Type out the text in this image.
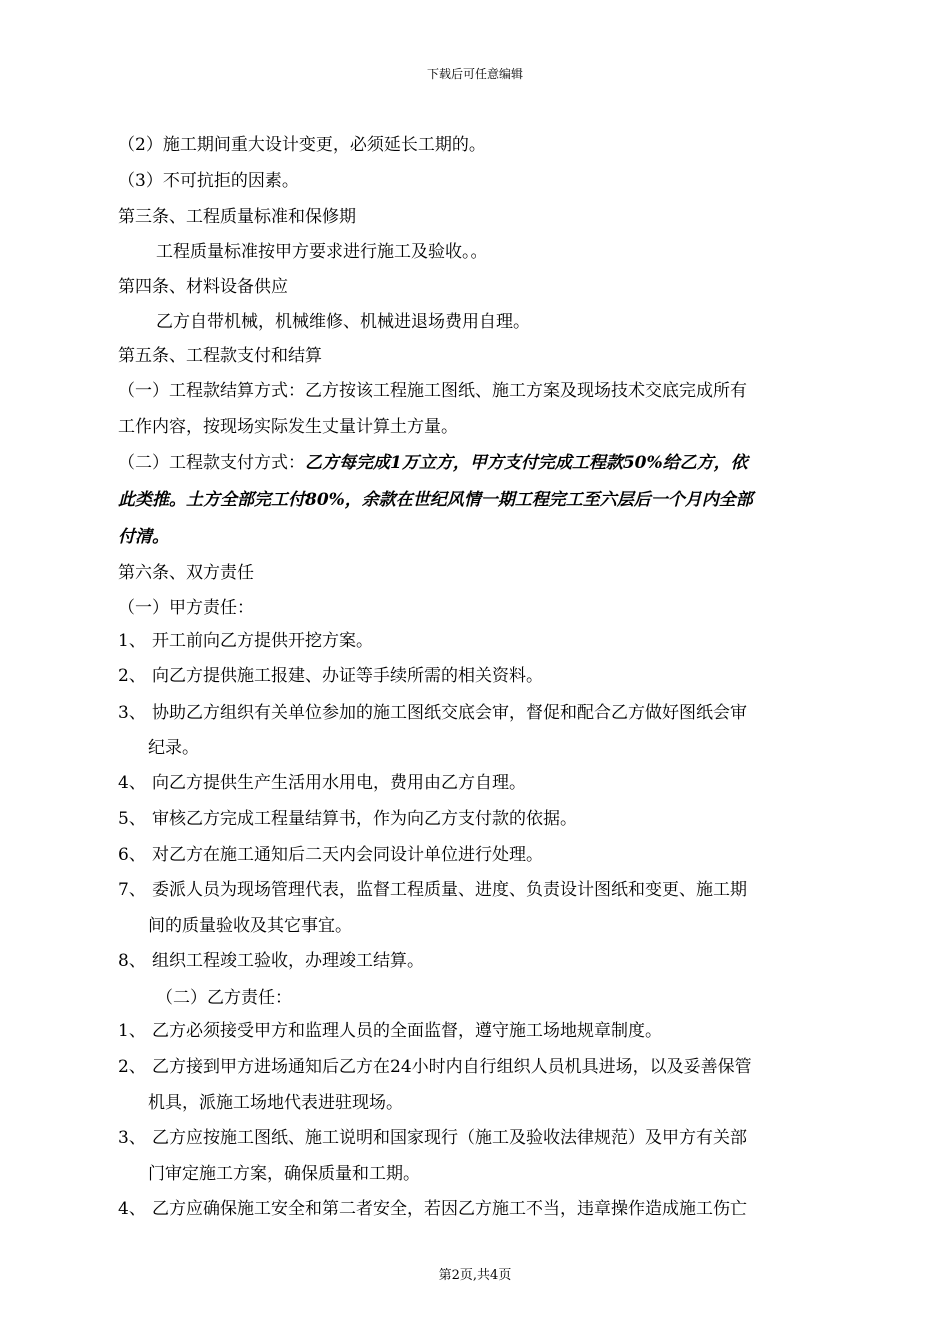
下载后可任意编辑
（2）施工期间重大设计变更，必须延长工期的。
（3）不可抗拒的因素。
第三条、工程质量标准和保修期
工程质量标准按甲方要求进行施工及验收。。
第四条、材料设备供应
乙方自带机械，机械维修、机械进退场费用自理。
第五条、工程款支付和结算
（一）工程款结算方式：乙方按该工程施工图纸、施工方案及现场技术交底完成所有
工作内容，按现场实际发生丈量计算土方量。
（二）工程款支付方式：乙方每完成1万立方，甲方支付完成工程款50%给乙方，依
此类推。土方全部完工付80%，余款在世纪风情一期工程完工至六层后一个月内全部
付清。
第六条、双方责任
（一）甲方责任：
1、 开工前向乙方提供开挖方案。
2、 向乙方提供施工报建、办证等手续所需的相关资料。
3、 协助乙方组织有关单位参加的施工图纸交底会审，督促和配合乙方做好图纸会审
纪录。
4、 向乙方提供生产生活用水用电，费用由乙方自理。
5、 审核乙方完成工程量结算书，作为向乙方支付款的依据。
6、 对乙方在施工通知后二天内会同设计单位进行处理。
7、 委派人员为现场管理代表，监督工程质量、进度、负责设计图纸和变更、施工期
间的质量验收及其它事宜。
8、 组织工程竣工验收，办理竣工结算。
（二）乙方责任：
1、 乙方必须接受甲方和监理人员的全面监督，遵守施工场地规章制度。
2、 乙方接到甲方进场通知后乙方在24小时内自行组织人员机具进场，以及妥善保管
机具，派施工场地代表进驻现场。
3、 乙方应按施工图纸、施工说明和国家现行（施工及验收法律规范）及甲方有关部
门审定施工方案，确保质量和工期。
4、 乙方应确保施工安全和第二者安全，若因乙方施工不当，违章操作造成施工伤亡
第2页,共4页
